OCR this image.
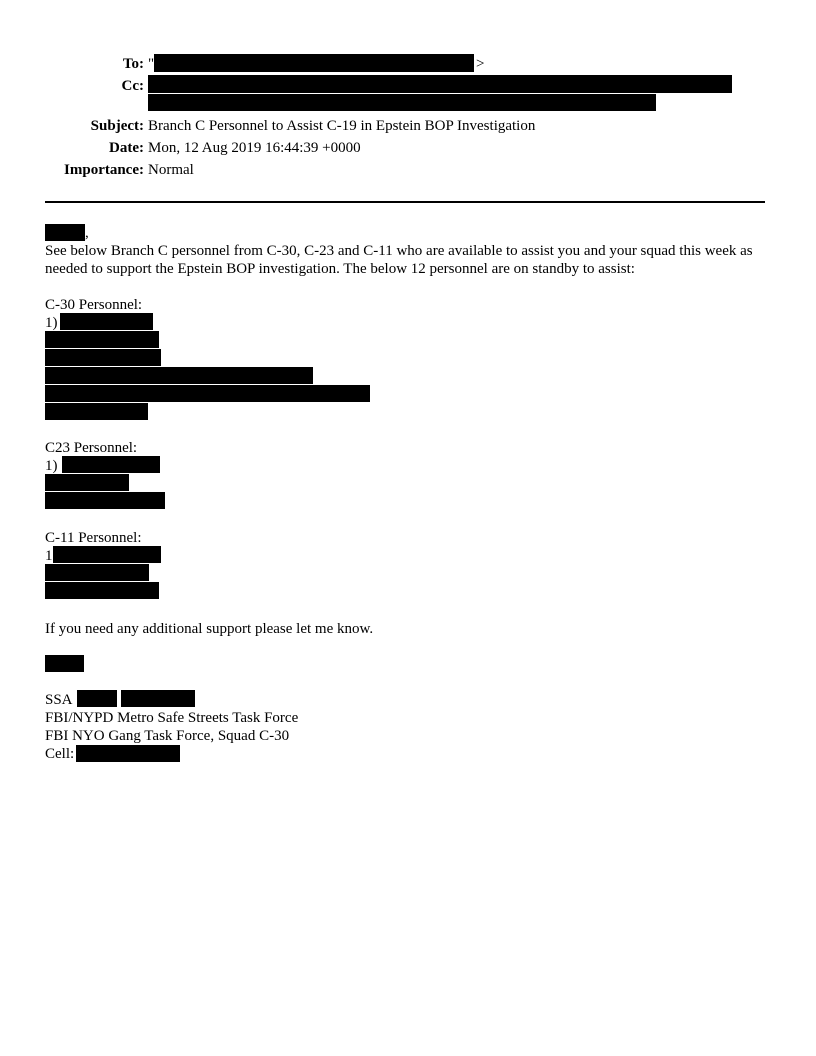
To: "	>
Cc:
Subject: Branch C Personnel to Assist C-19 in Epstein BOP Investigation
Date: Mon, 12 Aug 2019 16:44:39 +0000
Importance: Normal
,
See below Branch C personnel from C-30, C-23 and C-11 who are available to assist you and your squad this week as needed to support the Epstein BOP investigation. The below 12 personnel are on standby to assist:
C-30 Personnel:
1)
C23 Personnel:
1)
C-11 Personnel:
1
If you need any additional support please let me know.
SSA
FBI/NYPD Metro Safe Streets Task Force
FBI NYO Gang Task Force, Squad C-30
Cell:
